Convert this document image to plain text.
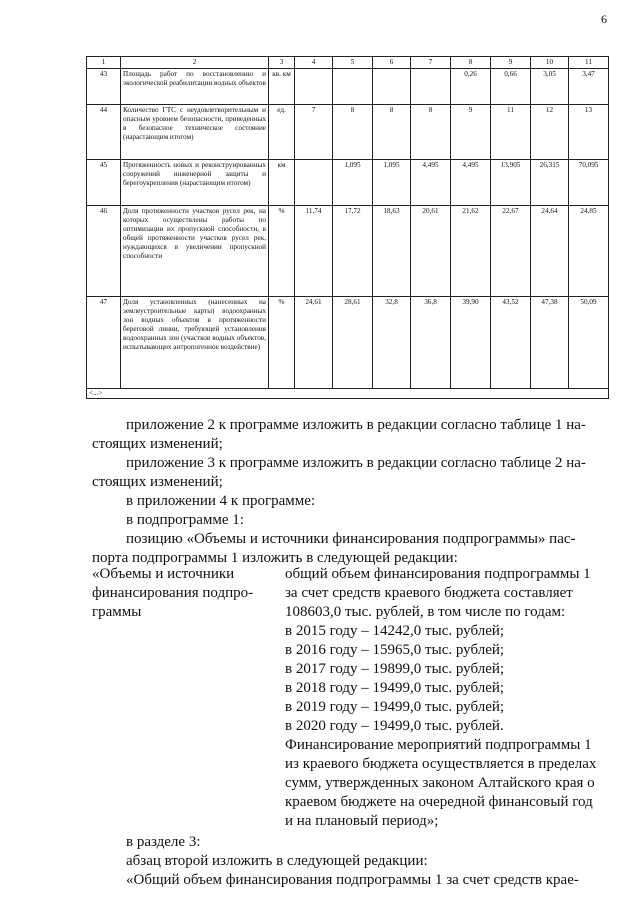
6
1	2	3	4	5	6	7	8	9	10	11
43	Площадь работ по восстановлению и экологической реабилитации водных объектов	кв. км					0,26	0,66	3,05	3,47
44	Количество ГТС с неудовлетворительным и опасным уровнем безопасности, приведенных в безопасное техническое состояние (нарастающим итогом)	ед.	7	8	8	8	9	11	12	13
45	Протяженность новых и реконструированных сооружений инженерной защиты и берегоукрепления (нарастающим итогом)	км		1,095	1,095	4,495	4,495	13,905	26,315	70,095
46	Доля протяженности участков русел рек, на которых осуществлены работы по оптимизации их пропускной способности, в общей протяженности участков русел рек, нуждающихся в увеличении пропускной способности	%	11,74	17,72	18,63	20,61	21,62	22,67	24,64	24,85
47	Доля установленных (нанесенных на землеустроительные карты) водоохранных зон водных объектов в протяженности береговой линии, требующей установления водоохранных зон (участков водных объектов, испытывающих антропогенное воздействие)	%	24,61	28,61	32,8	36,8	39,90	43,52	47,38	50,09
<...>										
приложение 2 к программе изложить в редакции согласно таблице 1 на-
стоящих изменений;
приложение 3 к программе изложить в редакции согласно таблице 2 на-
стоящих изменений;
в приложении 4 к программе:
в подпрограмме 1:
позицию «Объемы и источники финансирования подпрограммы» пас-
порта подпрограммы 1 изложить в следующей редакции:
«Объемы и источники
финансирования подпро-
граммы
общий объем финансирования подпрограммы 1
за счет средств краевого бюджета составляет
108603,0 тыс. рублей, в том числе по годам:
в 2015 году – 14242,0 тыс. рублей;
в 2016 году – 15965,0 тыс. рублей;
в 2017 году – 19899,0 тыс. рублей;
в 2018 году – 19499,0 тыс. рублей;
в 2019 году – 19499,0 тыс. рублей;
в 2020 году – 19499,0 тыс. рублей.
Финансирование мероприятий подпрограммы 1
из краевого бюджета осуществляется в пределах
сумм, утвержденных законом Алтайского края о
краевом бюджете на очередной финансовый год
и на плановый период»;
в разделе 3:
абзац второй изложить в следующей редакции:
«Общий объем финансирования подпрограммы 1 за счет средств крае-
